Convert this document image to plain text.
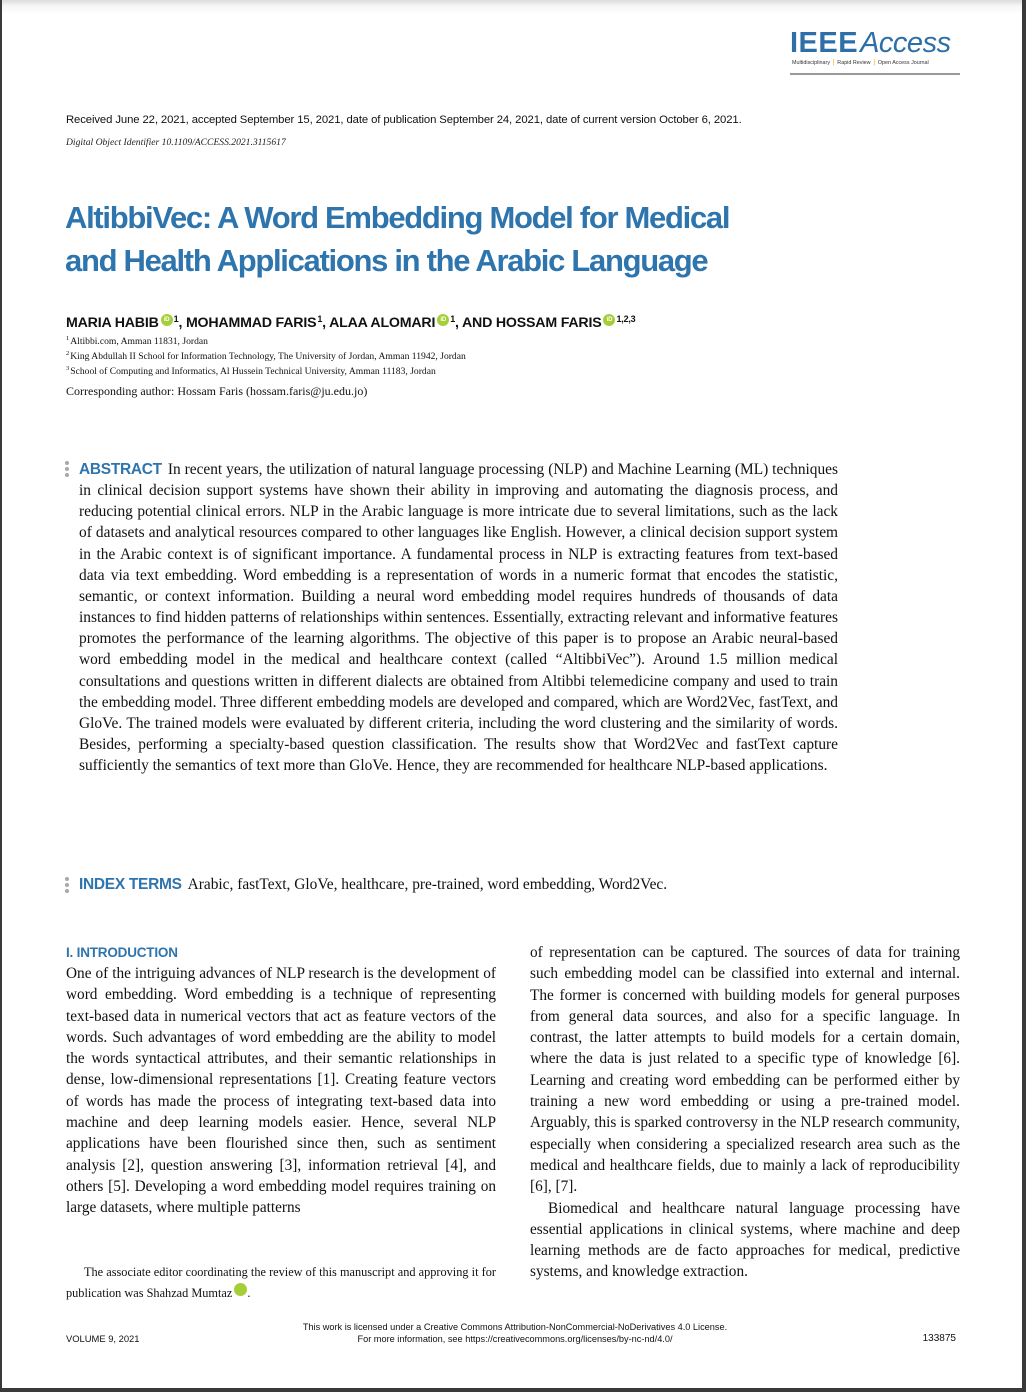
IEEEAccess
Multidisciplinary ┆ Rapid Review ┆ Open Access Journal
Received June 22, 2021, accepted September 15, 2021, date of publication September 24, 2021, date of current version October 6, 2021.
Digital Object Identifier 10.1109/ACCESS.2021.3115617
AltibbiVec: A Word Embedding Model for Medical
and Health Applications in the Arabic Language
MARIA HABIB iD $^1$, MOHAMMAD FARIS$^1$, ALAA ALOMARI iD $^1$, AND HOSSAM FARIS iD $^{1,2,3}$
$^1$Altibbi.com, Amman 11831, Jordan
$^2$King Abdullah II School for Information Technology, The University of Jordan, Amman 11942, Jordan
$^3$School of Computing and Informatics, Al Hussein Technical University, Amman 11183, Jordan
Corresponding author: Hossam Faris (hossam.faris@ju.edu.jo)
ABSTRACT In recent years, the utilization of natural language processing (NLP) and Machine Learning (ML) techniques in clinical decision support systems have shown their ability in improving and automating the diagnosis process, and reducing potential clinical errors. NLP in the Arabic language is more intricate due to several limitations, such as the lack of datasets and analytical resources compared to other languages like English. However, a clinical decision support system in the Arabic context is of significant importance. A fundamental process in NLP is extracting features from text-based data via text embedding. Word embedding is a representation of words in a numeric format that encodes the statistic, semantic, or context information. Building a neural word embedding model requires hundreds of thousands of data instances to find hidden patterns of relationships within sentences. Essentially, extracting relevant and informative features promotes the performance of the learning algorithms. The objective of this paper is to propose an Arabic neural-based word embedding model in the medical and healthcare context (called “AltibbiVec”). Around 1.5 million medical consultations and questions written in different dialects are obtained from Altibbi telemedicine company and used to train the embedding model. Three different embedding models are developed and compared, which are Word2Vec, fastText, and GloVe. The trained models were evaluated by different criteria, including the word clustering and the similarity of words. Besides, performing a specialty-based question classification. The results show that Word2Vec and fastText capture sufficiently the semantics of text more than GloVe. Hence, they are recommended for healthcare NLP-based applications.
INDEX TERMS Arabic, fastText, GloVe, healthcare, pre-trained, word embedding, Word2Vec.
I. INTRODUCTION

One of the intriguing advances of NLP research is the development of word embedding. Word embedding is a technique of representing text-based data in numerical vectors that act as feature vectors of the words. Such advantages of word embedding are the ability to model the words syntactical attributes, and their semantic relationships in dense, low-dimensional representations [1]. Creating feature vectors of words has made the process of integrating text-based data into machine and deep learning models easier. Hence, several NLP applications have been flourished since then, such as sentiment analysis [2], question answering [3], information retrieval [4], and others [5]. Developing a word embedding model requires training on large datasets, where multiple patterns

The associate editor coordinating the review of this manuscript and approving it for publication was Shahzad Mumtaz	iD.

of representation can be captured. The sources of data for training such embedding model can be classified into external and internal. The former is concerned with building models for general purposes from general data sources, and also for a specific language. In contrast, the latter attempts to build models for a certain domain, where the data is just related to a specific type of knowledge [6]. Learning and creating word embedding can be performed either by training a new word embedding or using a pre-trained model. Arguably, this is sparked controversy in the NLP research community, especially when considering a specialized research area such as the medical and healthcare fields, due to mainly a lack of reproducibility [6], [7].

Biomedical and healthcare natural language processing have essential applications in clinical systems, where machine and deep learning methods are de facto approaches for medical, predictive systems, and knowledge extraction.

VOLUME 9, 2021
This work is licensed under a Creative Commons Attribution-NonCommercial-NoDerivatives 4.0 License.
For more information, see https://creativecommons.org/licenses/by-nc-nd/4.0/	133875
